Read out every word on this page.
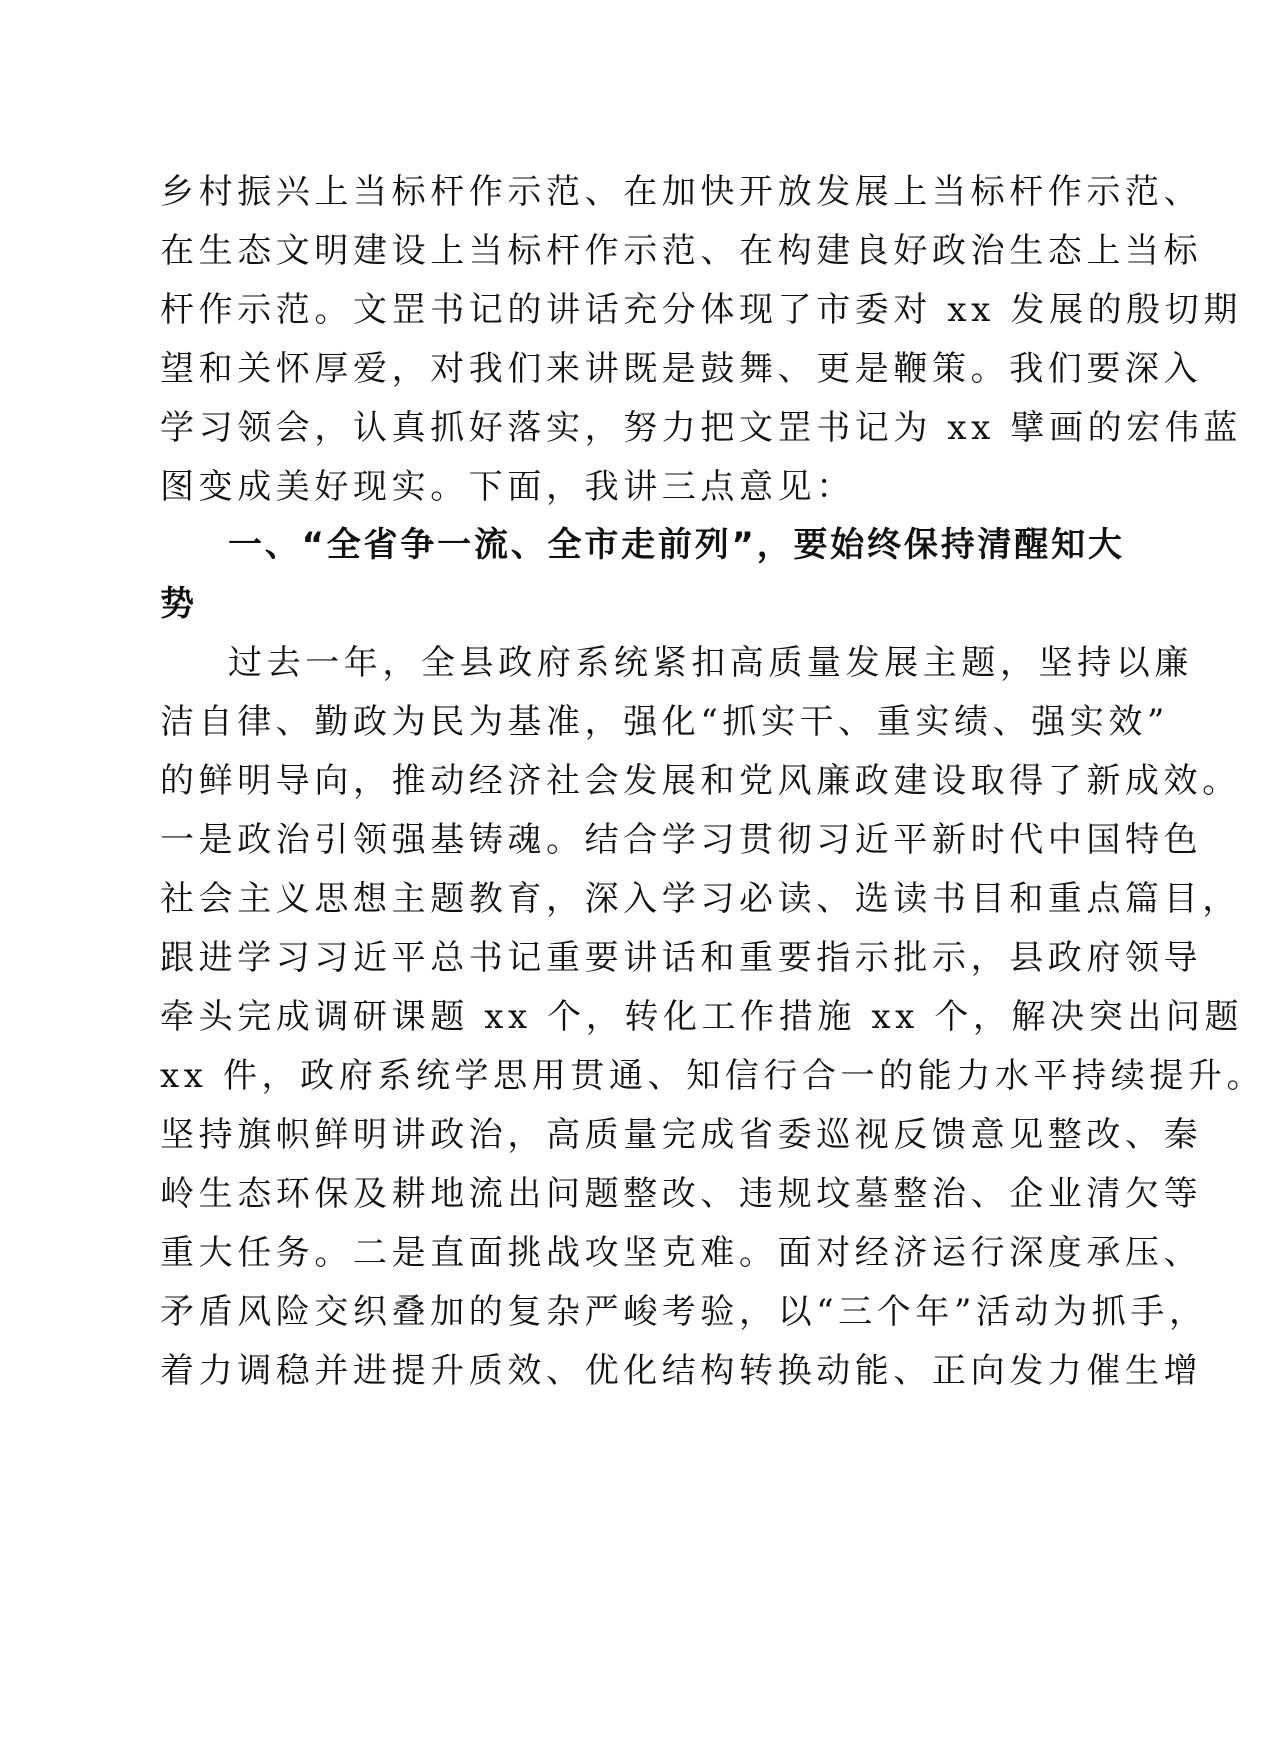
乡村振兴上当标杆作示范、在加快开放发展上当标杆作示范、
在生态文明建设上当标杆作示范、在构建良好政治生态上当标
杆作示范。文罡书记的讲话充分体现了市委对 xx 发展的殷切期
望和关怀厚爱，对我们来讲既是鼓舞、更是鞭策。我们要深入
学习领会，认真抓好落实，努力把文罡书记为 xx 擘画的宏伟蓝
图变成美好现实。下面，我讲三点意见：
一、“全省争一流、全市走前列”，要始终保持清醒知大
势
过去一年，全县政府系统紧扣高质量发展主题，坚持以廉
洁自律、勤政为民为基准，强化“抓实干、重实绩、强实效”
的鲜明导向，推动经济社会发展和党风廉政建设取得了新成效。
一是政治引领强基铸魂。结合学习贯彻习近平新时代中国特色
社会主义思想主题教育，深入学习必读、选读书目和重点篇目，
跟进学习习近平总书记重要讲话和重要指示批示，县政府领导
牵头完成调研课题 xx 个，转化工作措施 xx 个，解决突出问题
xx 件，政府系统学思用贯通、知信行合一的能力水平持续提升。
坚持旗帜鲜明讲政治，高质量完成省委巡视反馈意见整改、秦
岭生态环保及耕地流出问题整改、违规坟墓整治、企业清欠等
重大任务。二是直面挑战攻坚克难。面对经济运行深度承压、
矛盾风险交织叠加的复杂严峻考验，以“三个年”活动为抓手，
着力调稳并进提升质效、优化结构转换动能、正向发力催生增
